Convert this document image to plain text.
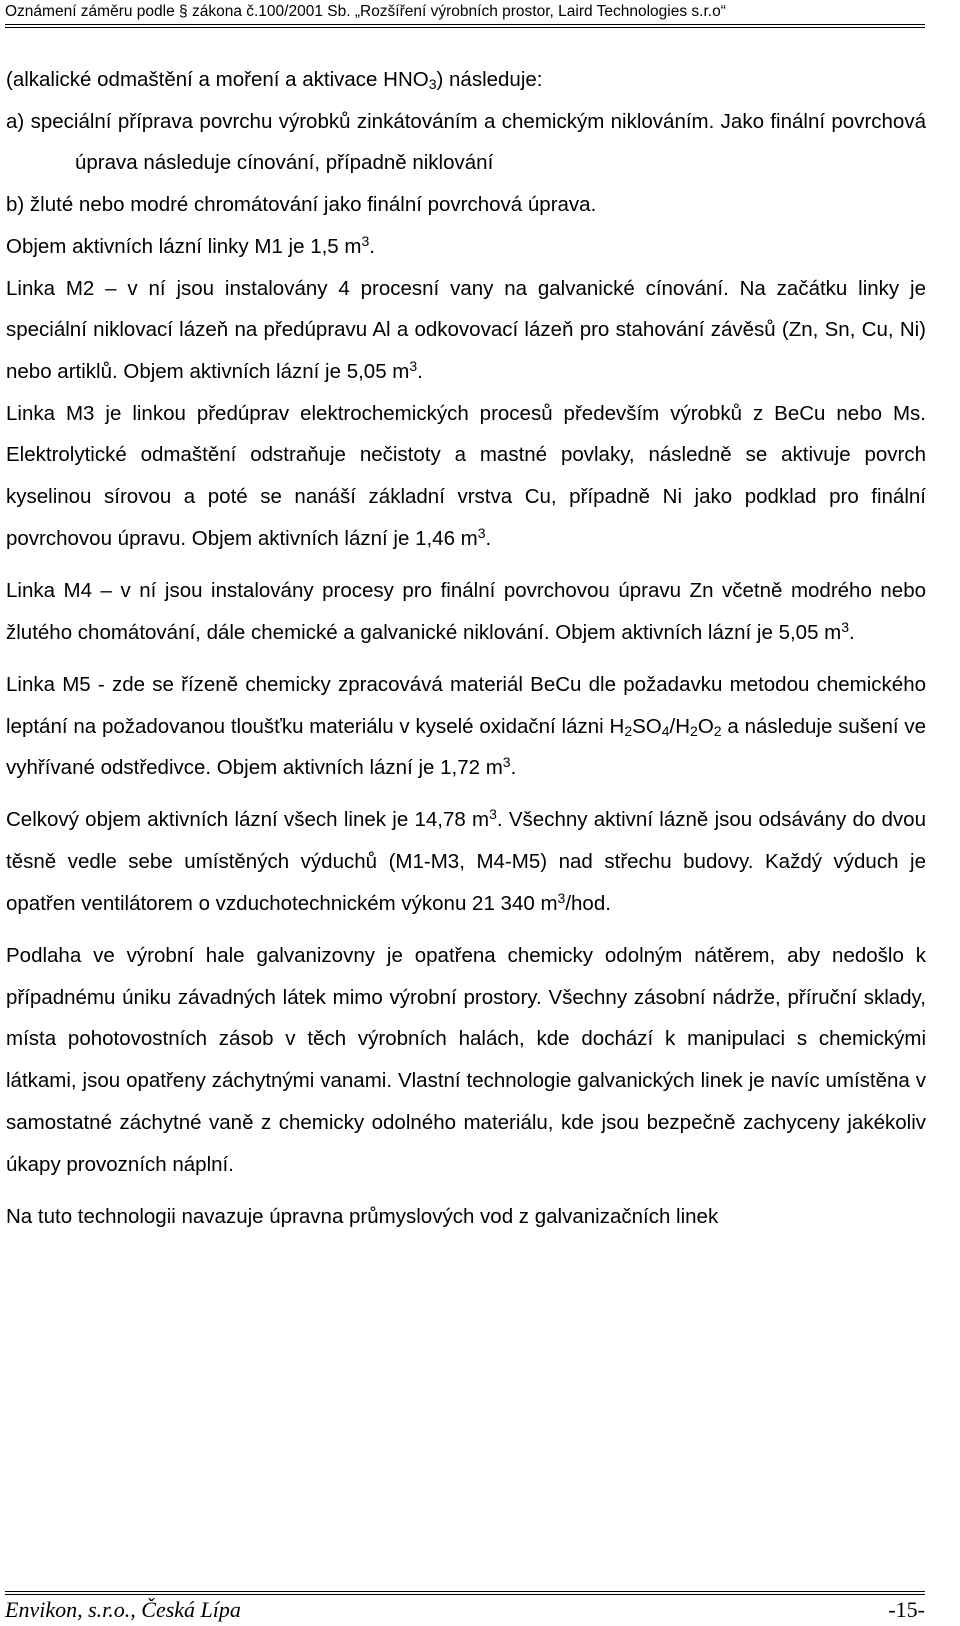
Oznámení záměru podle § zákona č.100/2001 Sb. „Rozšíření výrobních prostor, Laird Technologies s.r.o“

(alkalické odmaštění a moření a aktivace $HNO_3$) následuje:

a) speciální příprava povrchu výrobků zinkátováním a chemickým niklováním. Jako finální povrchová úprava následuje cínování, případně niklování

b) žluté nebo modré chromátování jako finální povrchová úprava.

Objem aktivních lázní linky M1 je 1,5 $m^3$.

Linka M2 – v ní jsou instalovány 4 procesní vany na galvanické cínování. Na začátku linky je speciální niklovací lázeň na předúpravu Al a odkovovací lázeň pro stahování závěsů (Zn, Sn, Cu, Ni) nebo artiklů. Objem aktivních lázní je 5,05 $m^3$.

Linka M3 je linkou předúprav elektrochemických procesů především výrobků z BeCu nebo Ms. Elektrolytické odmaštění odstraňuje nečistoty a mastné povlaky, následně se aktivuje povrch kyselinou sírovou a poté se nanáší základní vrstva Cu, případně Ni jako podklad pro finální povrchovou úpravu. Objem aktivních lázní je 1,46 $m^3$.

Linka M4 – v ní jsou instalovány procesy pro finální povrchovou úpravu Zn včetně modrého nebo žlutého chomátování, dále chemické a galvanické niklování. Objem aktivních lázní je 5,05 $m^3$.

Linka M5 - zde se řízeně chemicky zpracovává materiál BeCu dle požadavku metodou chemického leptání na požadovanou tloušťku materiálu v kyselé oxidační lázni $H_2SO_4/H_2O_2$ a následuje sušení ve vyhřívané odstředivce. Objem aktivních lázní je 1,72 $m^3$.

Celkový objem aktivních lázní všech linek je 14,78 $m^3$. Všechny aktivní lázně jsou odsávány do dvou těsně vedle sebe umístěných výduchů (M1-M3, M4-M5) nad střechu budovy. Každý výduch je opatřen ventilátorem o vzduchotechnickém výkonu 21 340 $m^3$/hod.

Podlaha ve výrobní hale galvanizovny je opatřena chemicky odolným nátěrem, aby nedošlo k případnému úniku závadných látek mimo výrobní prostory. Všechny zásobní nádrže, příruční sklady, místa pohotovostních zásob v těch výrobních halách, kde dochází k manipulaci s chemickými látkami, jsou opatřeny záchytnými vanami. Vlastní technologie galvanických linek je navíc umístěna v samostatné záchytné vaně z chemicky odolného materiálu, kde jsou bezpečně zachyceny jakékoliv úkapy provozních náplní.

Na tuto technologii navazuje úpravna průmyslových vod z galvanizačních linek

Envikon, s.r.o., Česká Lípa	-15-
